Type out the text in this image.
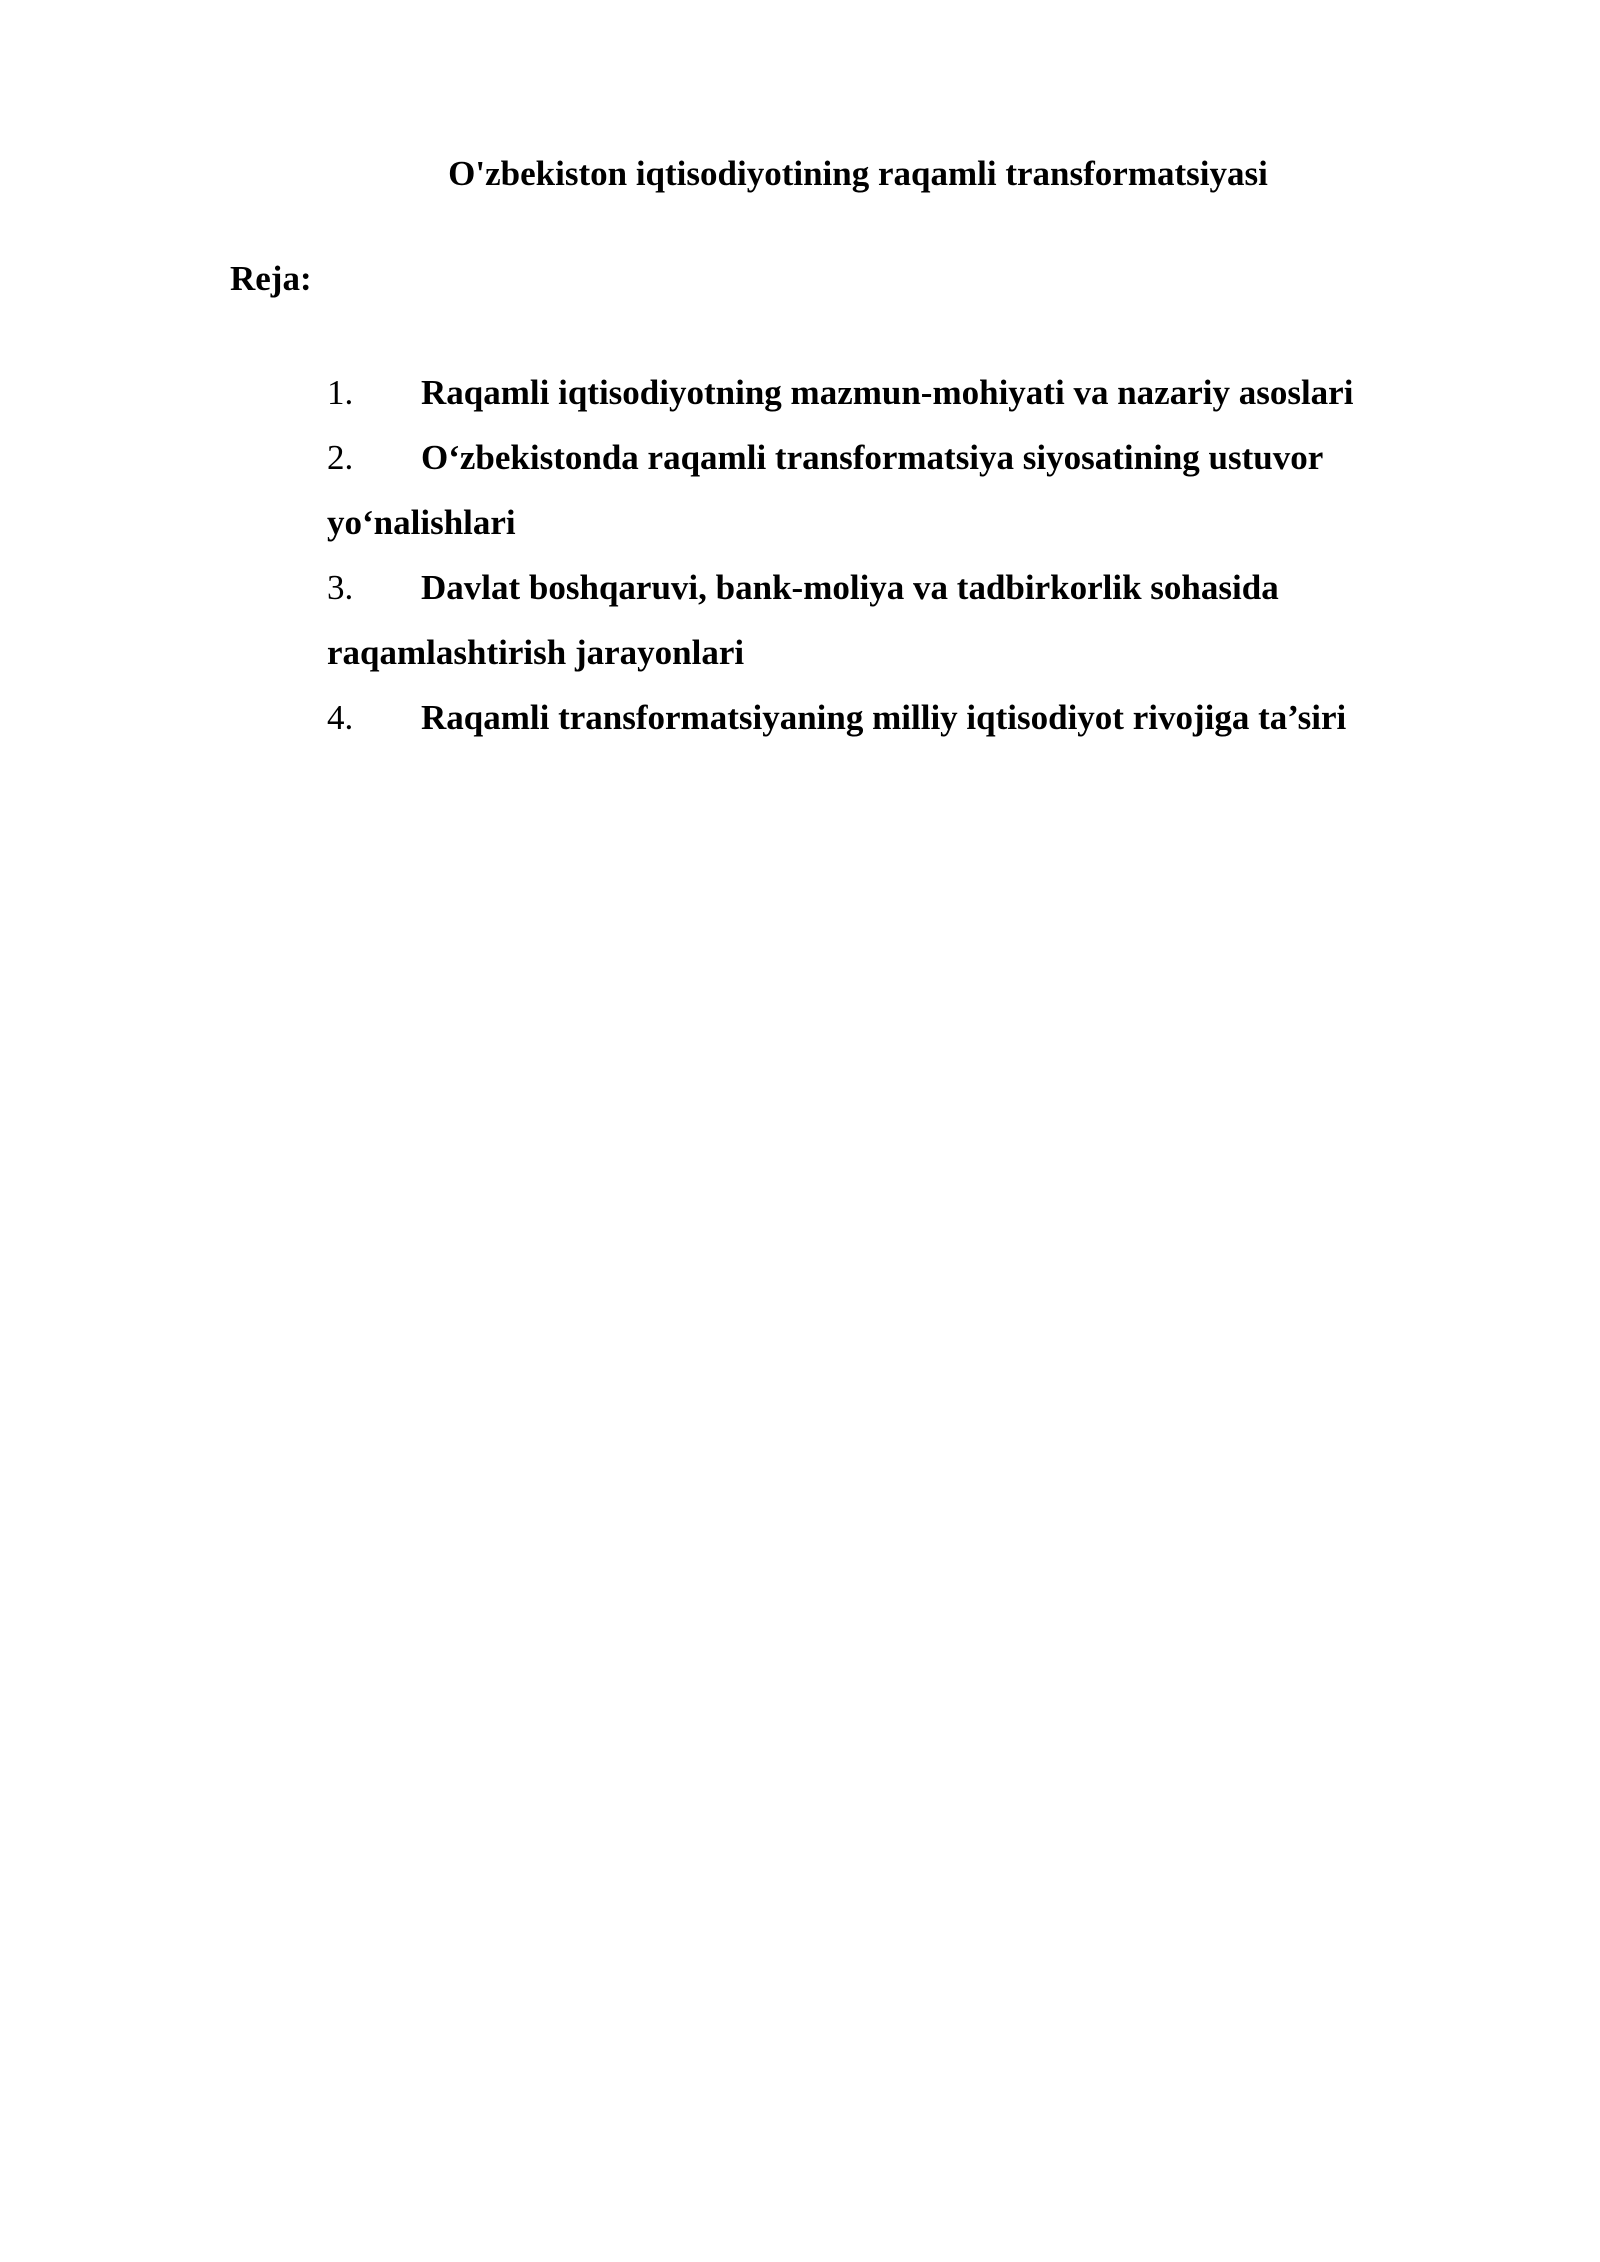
O'zbekiston iqtisodiyotining raqamli transformatsiyasi
Reja:
1. Raqamli iqtisodiyotning mazmun-mohiyati va nazariy asoslari
2. O‘zbekistonda raqamli transformatsiya siyosatining ustuvor yo‘nalishlari
3. Davlat boshqaruvi, bank-moliya va tadbirkorlik sohasida raqamlashtirish jarayonlari
4. Raqamli transformatsiyaning milliy iqtisodiyot rivojiga ta’siri
